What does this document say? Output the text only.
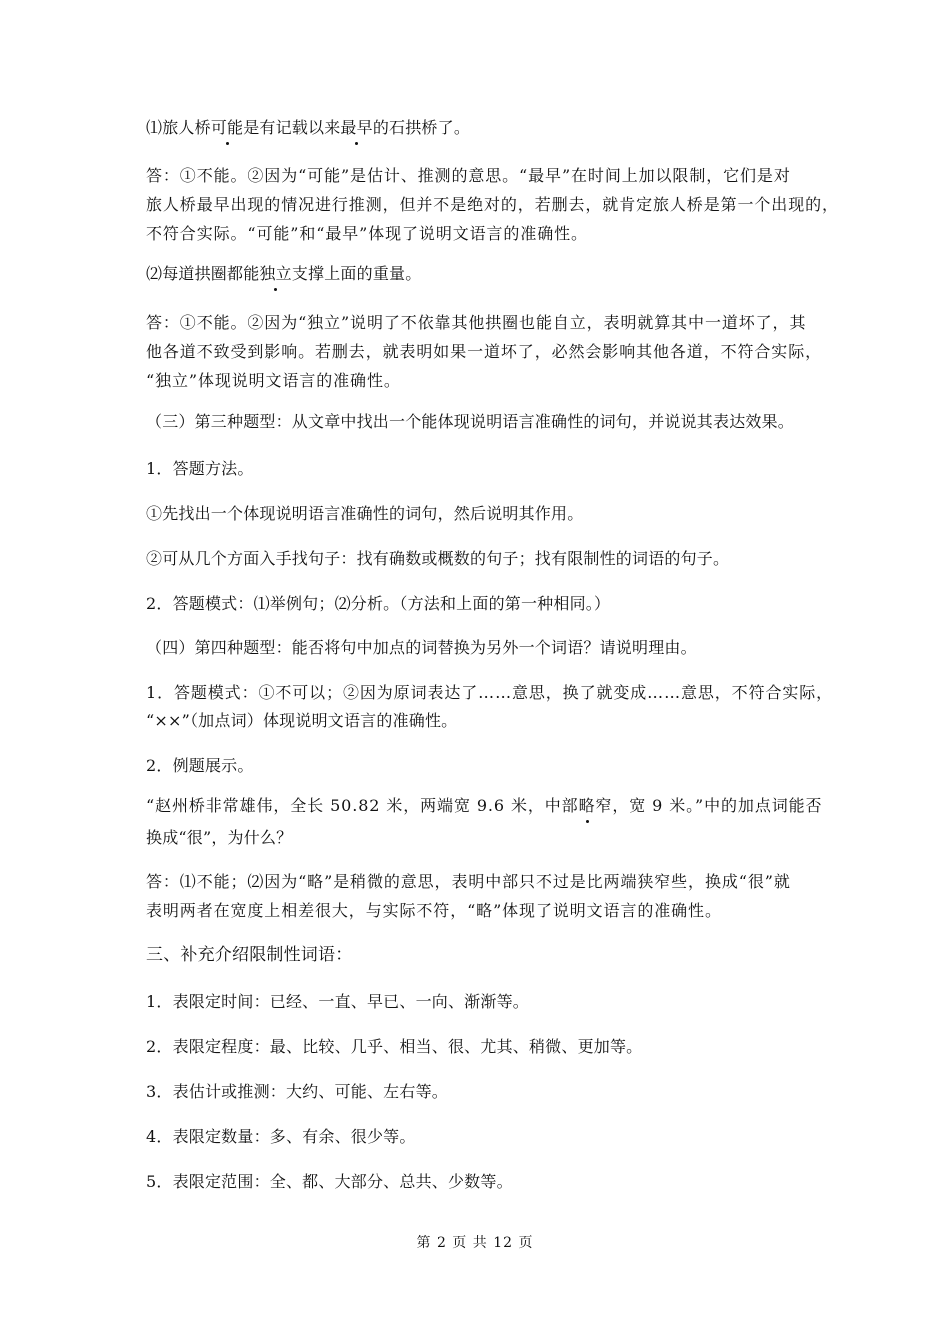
⑴旅人桥可能是有记载以来最早的石拱桥了。
答：①不能。②因为“可能”是估计、推测的意思。“最早”在时间上加以限制，它们是对
旅人桥最早出现的情况进行推测，但并不是绝对的，若删去，就肯定旅人桥是第一个出现的，
不符合实际。“可能”和“最早”体现了说明文语言的准确性。
⑵每道拱圈都能独立支撑上面的重量。
答：①不能。②因为“独立”说明了不依靠其他拱圈也能自立，表明就算其中一道坏了，其
他各道不致受到影响。若删去，就表明如果一道坏了，必然会影响其他各道，不符合实际，
“独立”体现说明文语言的准确性。
（三）第三种题型：从文章中找出一个能体现说明语言准确性的词句，并说说其表达效果。
1．答题方法。
①先找出一个体现说明语言准确性的词句，然后说明其作用。
②可从几个方面入手找句子：找有确数或概数的句子；找有限制性的词语的句子。
2．答题模式：⑴举例句；⑵分析。（方法和上面的第一种相同。）
（四）第四种题型：能否将句中加点的词替换为另外一个词语？请说明理由。
1．答题模式：①不可以；②因为原词表达了……意思，换了就变成……意思，不符合实际，
“××”（加点词）体现说明文语言的准确性。
2．例题展示。
“赵州桥非常雄伟，全长 50.82 米，两端宽 9.6 米，中部略窄，宽 9 米。”中的加点词能否
换成“很”，为什么？
答：⑴不能；⑵因为“略”是稍微的意思，表明中部只不过是比两端狭窄些，换成“很”就
表明两者在宽度上相差很大，与实际不符，“略”体现了说明文语言的准确性。
三、补充介绍限制性词语：
1．表限定时间：已经、一直、早已、一向、渐渐等。
2．表限定程度：最、比较、几乎、相当、很、尤其、稍微、更加等。
3．表估计或推测：大约、可能、左右等。
4．表限定数量：多、有余、很少等。
5．表限定范围：全、都、大部分、总共、少数等。
第 2 页 共 12 页
